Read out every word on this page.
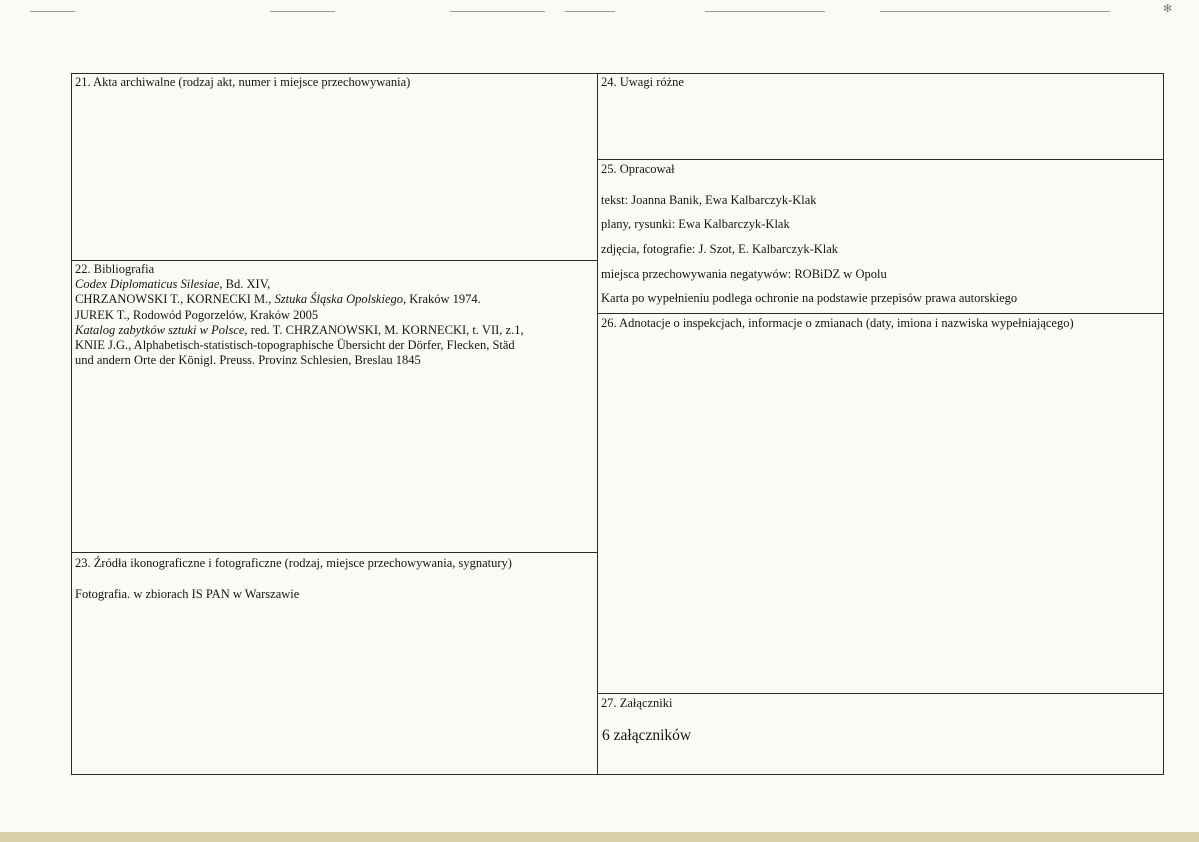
✻
21. Akta archiwalne (rodzaj akt, numer i miejsce przechowywania)
22. Bibliografia
Codex Diplomaticus Silesiae, Bd. XIV,
CHRZANOWSKI T., KORNECKI M., Sztuka Śląska Opolskiego, Kraków 1974.
JUREK T., Rodowód Pogorzelów, Kraków 2005
Katalog zabytków sztuki w Polsce, red. T. CHRZANOWSKI, M. KORNECKI, t. VII, z.1,
KNIE J.G., Alphabetisch-statistisch-topographische Übersicht der Dörfer, Flecken, Städ
und andern Orte der Königl. Preuss. Provinz Schlesien, Breslau 1845
23. Źródła ikonograficzne i fotograficzne (rodzaj, miejsce przechowywania, sygnatury)
Fotografia. w zbiorach IS PAN w Warszawie
24. Uwagi różne
25. Opracował
tekst: Joanna Banik, Ewa Kalbarczyk-Klak
plany, rysunki: Ewa Kalbarczyk-Klak
zdjęcia, fotografie: J. Szot, E. Kalbarczyk-Klak
miejsca przechowywania negatywów: ROBiDZ w Opolu
Karta po wypełnieniu podlega ochronie na podstawie przepisów prawa autorskiego
26. Adnotacje o inspekcjach, informacje o zmianach (daty, imiona i nazwiska wypełniającego)
27. Załączniki
6 załączników
